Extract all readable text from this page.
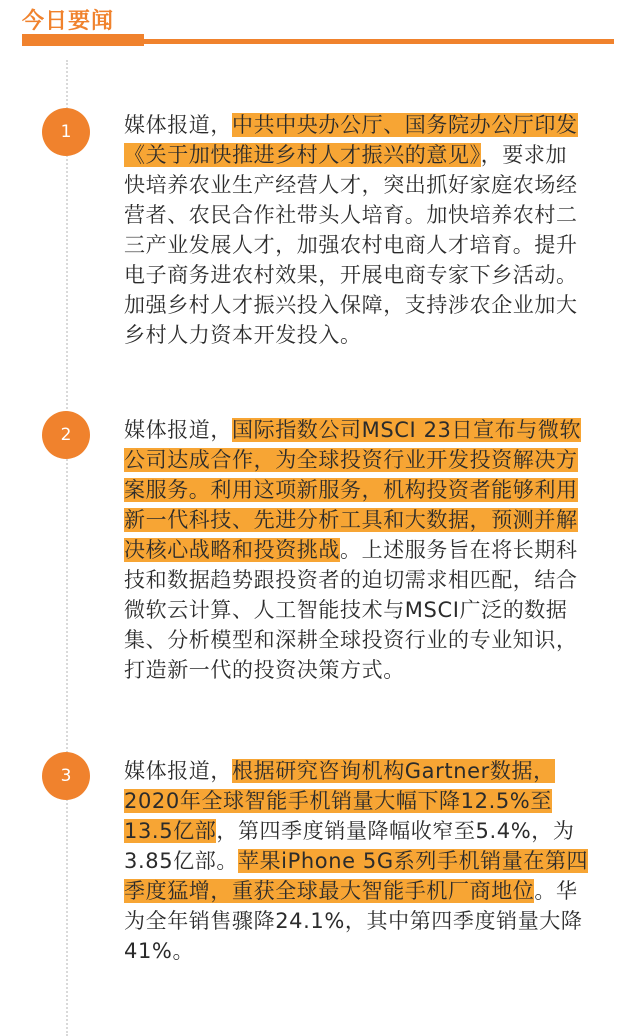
今日要闻
1	媒体报道，中共中央办公厅、国务院办公厅印发
《关于加快推进乡村人才振兴的意见》，要求加
快培养农业生产经营人才，突出抓好家庭农场经
营者、农民合作社带头人培育。加快培养农村二
三产业发展人才，加强农村电商人才培育。提升
电子商务进农村效果，开展电商专家下乡活动。
加强乡村人才振兴投入保障，支持涉农企业加大
乡村人力资本开发投入。
2	媒体报道，国际指数公司MSCI 23日宣布与微软
公司达成合作，为全球投资行业开发投资解决方
案服务。利用这项新服务，机构投资者能够利用
新一代科技、先进分析工具和大数据，预测并解
决核心战略和投资挑战。上述服务旨在将长期科
技和数据趋势跟投资者的迫切需求相匹配，结合
微软云计算、人工智能技术与MSCI广泛的数据
集、分析模型和深耕全球投资行业的专业知识，
打造新一代的投资决策方式。
3	媒体报道，根据研究咨询机构Gartner数据，
2020年全球智能手机销量大幅下降12.5%至
13.5亿部，第四季度销量降幅收窄至5.4%，为
3.85亿部。苹果iPhone 5G系列手机销量在第四
季度猛增，重获全球最大智能手机厂商地位。华
为全年销售骤降24.1%，其中第四季度销量大降
41%。
